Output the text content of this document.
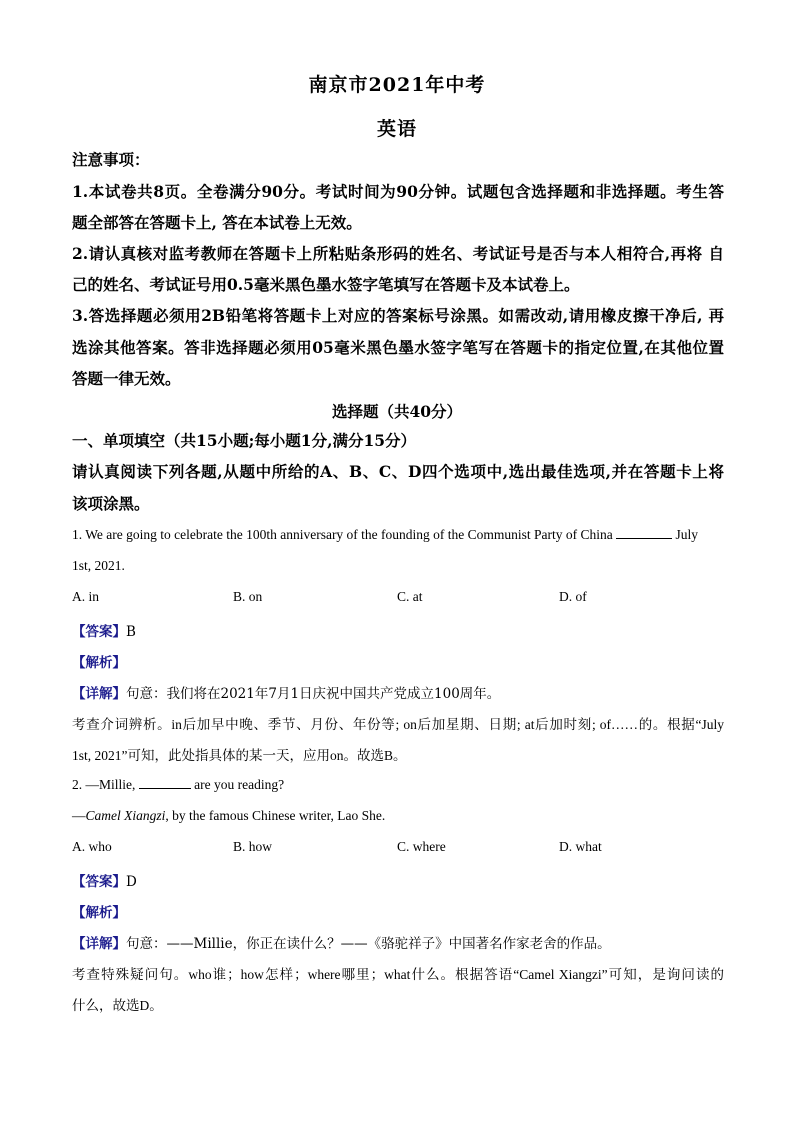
南京市2021年中考
英语
注意事项：
1.本试卷共8页。全卷满分90分。考试时间为90分钟。试题包含选择题和非选择题。考生答
题全部答在答题卡上, 答在本试卷上无效。
2.请认真核对监考教师在答题卡上所粘贴条形码的姓名、考试证号是否与本人相符合,再将 自
己的姓名、考试证号用0.5毫米黑色墨水签字笔填写在答题卡及本试卷上。
3.答选择题必须用2B铅笔将答题卡上对应的答案标号涂黑。如需改动,请用橡皮擦干净后, 再
选涂其他答案。答非选择题必须用05毫米黑色墨水签字笔写在答题卡的指定位置,在其他位置
答题一律无效。
选择题（共40分）
一、单项填空（共15小题;每小题1分,满分15分）
请认真阅读下列各题,从题中所给的A、B、C、D四个选项中,选出最佳选项,并在答题卡上将
该项涂黑。
1. We are going to celebrate the 100th anniversary of the founding of the Communist Party of China	July
1st, 2021.
A. in	B. on	C. at	D. of
【答案】B
【解析】
【详解】句意：我们将在2021年7月1日庆祝中国共产党成立100周年。
考查介词辨析。in后加早中晚、季节、月份、年份等; on后加星期、日期; at后加时刻; of……的。根据“July
1st, 2021”可知，此处指具体的某一天，应用on。故选B。
2. —Millie,	are you reading?
—Camel Xiangzi, by the famous Chinese writer, Lao She.
A. who	B. how	C. where	D. what
【答案】D
【解析】
【详解】句意：——Millie，你正在读什么？——《骆驼祥子》中国著名作家老舍的作品。
考查特殊疑问句。who谁；how怎样；where哪里；what什么。根据答语“Camel Xiangzi”可知，是询问读的
什么，故选D。
